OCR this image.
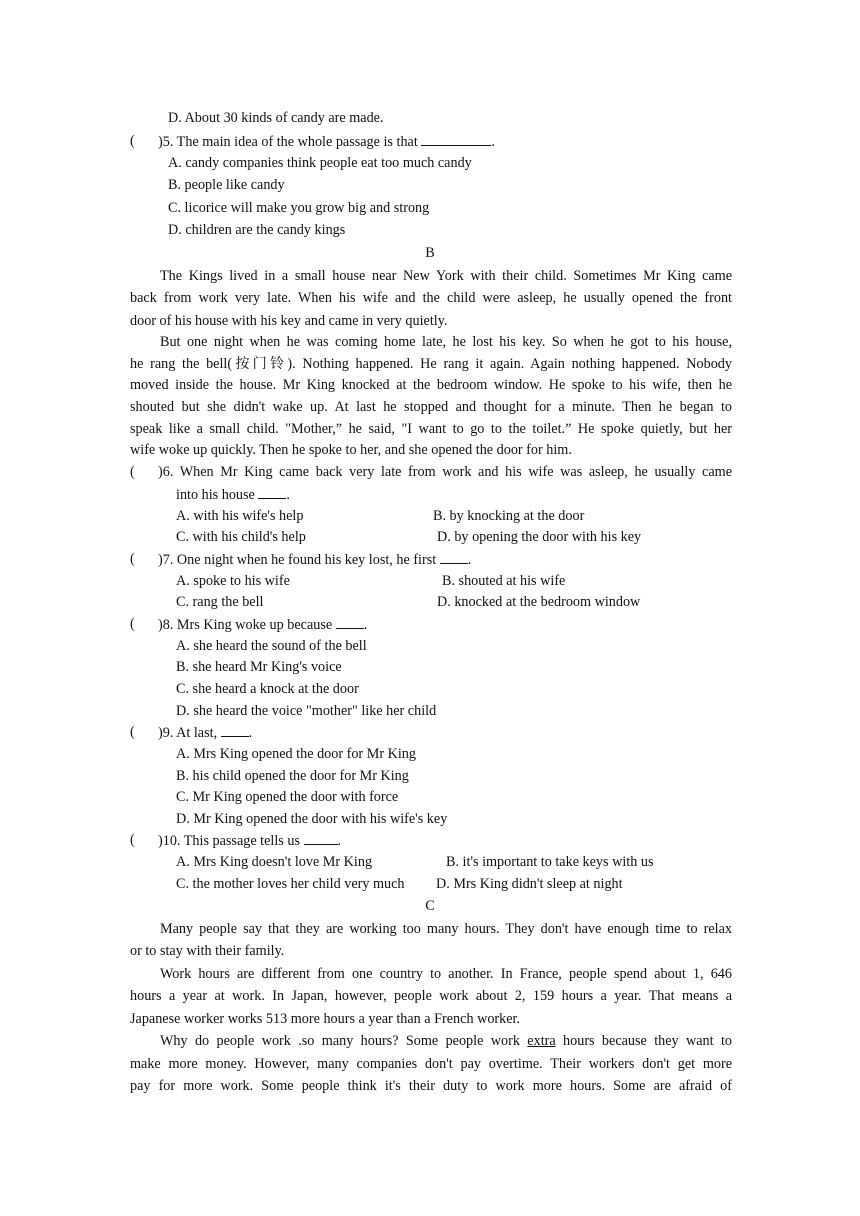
D. About 30 kinds of candy are made.
( )5. The main idea of the whole passage is that	.
A. candy companies think people eat too much candy
B. people like candy
C. licorice will make you grow big and strong
D. children are the candy kings
B
The Kings lived in a small house near New York with their child. Sometimes Mr King came
back from work very late. When his wife and the child were asleep, he usually opened the front
door of his house with his key and came in very quietly.
But one night when he was coming home late, he lost his key. So when he got to his house,
he rang the bell(按门铃). Nothing happened. He rang it again. Again nothing happened. Nobody
moved inside the house. Mr King knocked at the bedroom window. He spoke to his wife, then he
shouted but she didn't wake up. At last he stopped and thought for a minute. Then he began to
speak like a small child. "Mother,” he said, "I want to go to the toilet.” He spoke quietly, but her
wife woke up quickly. Then he spoke to her, and she opened the door for him.
( )6. When Mr King came back very late from work and his wife was asleep, he usually came
into his house .
A. with his wife's help	B. by knocking at the door
C. with his child's help	D. by opening the door with his key
( )7. One night when he found his key lost, he first .
A. spoke to his wife	B. shouted at his wife
C. rang the bell	D. knocked at the bedroom window
( )8. Mrs King woke up because .
A. she heard the sound of the bell
B. she heard Mr King's voice
C. she heard a knock at the door
D. she heard the voice "mother" like her child
( )9. At last, .
A. Mrs King opened the door for Mr King
B. his child opened the door for Mr King
C. Mr King opened the door with force
D. Mr King opened the door with his wife's key
( )10. This passage tells us	.
A. Mrs King doesn't love Mr King	B. it's important to take keys with us
C. the mother loves her child very much D. Mrs King didn't sleep at night
C
Many people say that they are working too many hours. They don't have enough time to relax
or to stay with their family.
Work hours are different from one country to another. In France, people spend about 1, 646
hours a year at work. In Japan, however, people work about 2, 159 hours a year. That means a
Japanese worker works 513 more hours a year than a French worker.
Why do people work .so many hours? Some people work extra hours because they want to
make more money. However, many companies don't pay overtime. Their workers don't get more
pay for more work. Some people think it's their duty to work more hours. Some are afraid of
